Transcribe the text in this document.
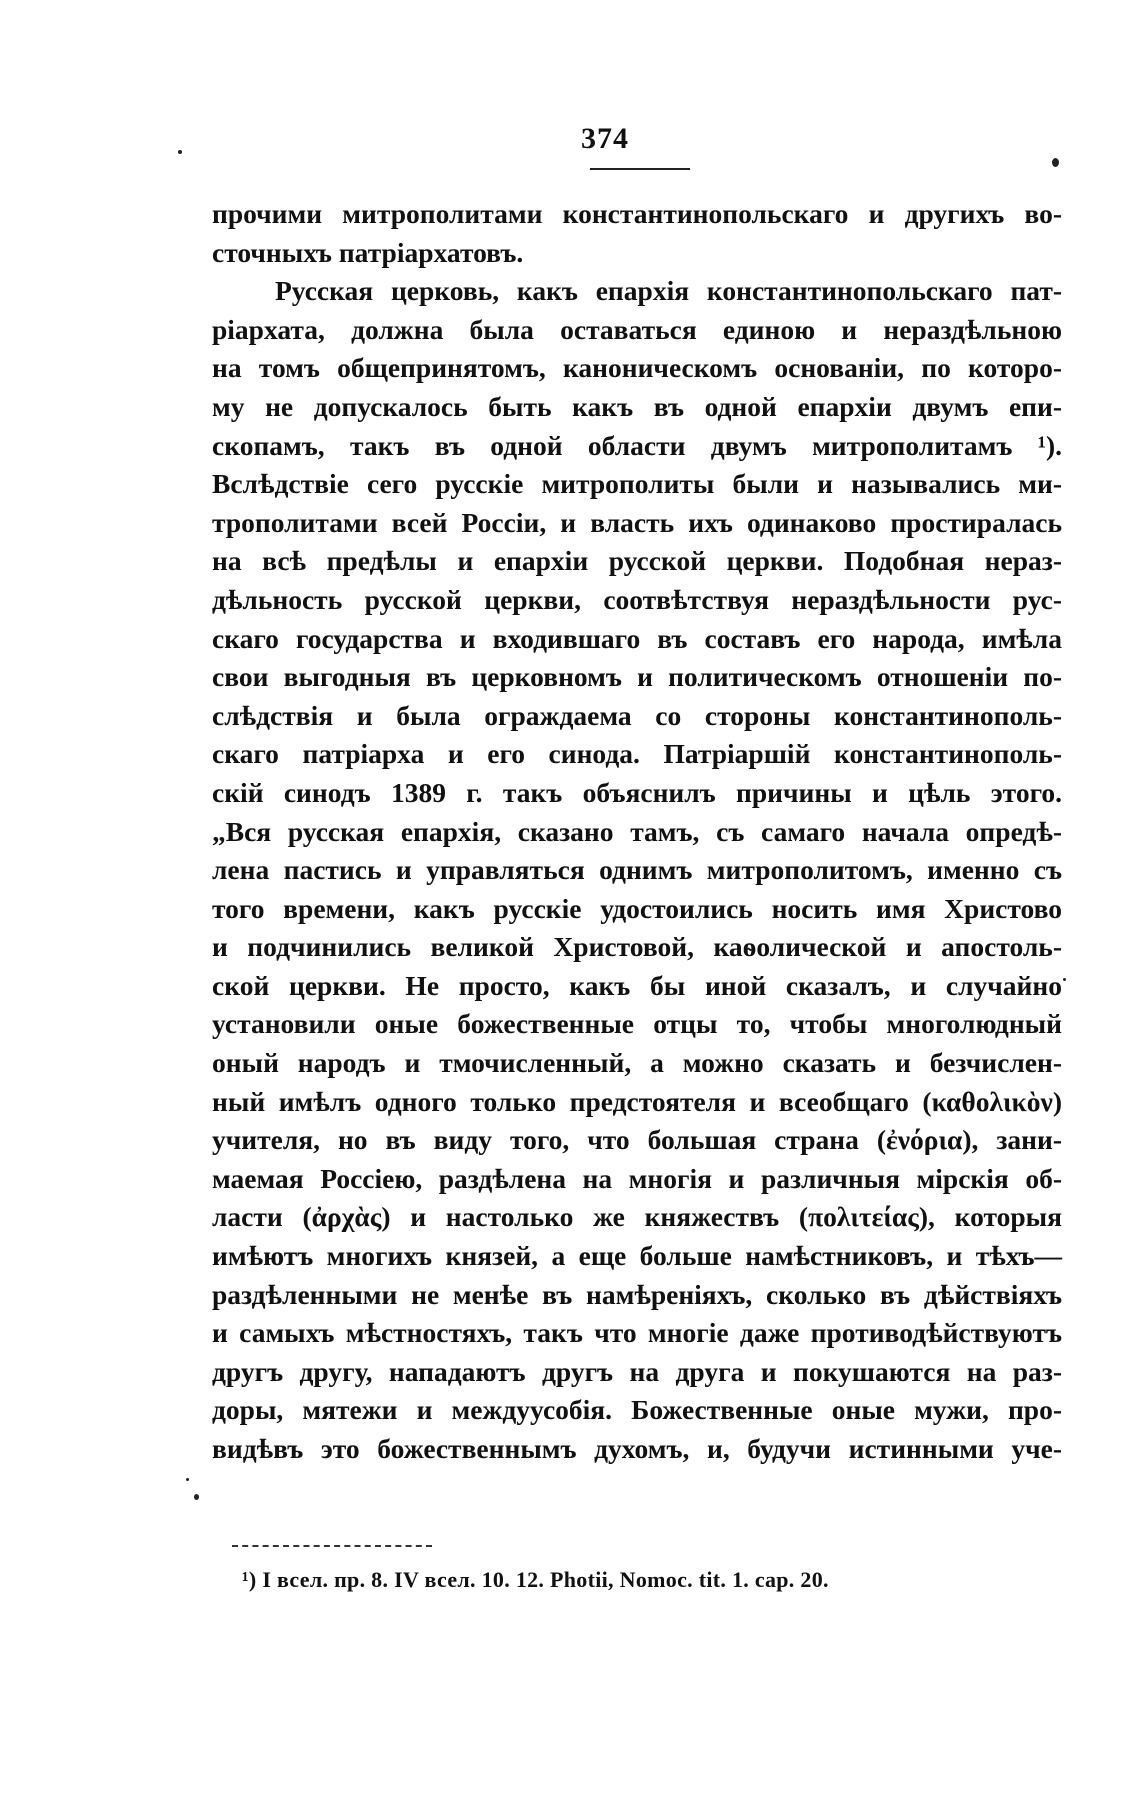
374
прочими митрополитами константинопольскаго и другихъ во-
сточныхъ патріархатовъ.
Русская церковь, какъ епархія константинопольскаго пат-
ріархата, должна была оставаться единою и нераздѣльною
на томъ общепринятомъ, каноническомъ основаніи, по которо-
му не допускалось быть какъ въ одной епархіи двумъ епи-
скопамъ, такъ въ одной области двумъ митрополитамъ ¹).
Вслѣдствіе сего русскіе митрополиты были и назывались ми-
трополитами всей Россіи, и власть ихъ одинаково простиралась
на всѣ предѣлы и епархіи русской церкви. Подобная нераз-
дѣльность русской церкви, соотвѣтствуя нераздѣльности рус-
скаго государства и входившаго въ составъ его народа, имѣла
свои выгодныя въ церковномъ и политическомъ отношеніи по-
слѣдствія и была ограждаема со стороны константинополь-
скаго патріарха и его синода. Патріаршій константинополь-
скій синодъ 1389 г. такъ объяснилъ причины и цѣль этого.
„Вся русская епархія, сказано тамъ, съ самаго начала опредѣ-
лена пастись и управляться однимъ митрополитомъ, именно съ
того времени, какъ русскіе удостоились носить имя Христово
и подчинились великой Христовой, каѳолической и апостоль-
ской церкви. Не просто, какъ бы иной сказалъ, и случайно
установили оные божественные отцы то, чтобы многолюдный
оный народъ и тмочисленный, а можно сказать и безчислен-
ный имѣлъ одного только предстоятеля и всеобщаго (καθολικὸν)
учителя, но въ виду того, что большая страна (ἐνόρια), зани-
маемая Россіею, раздѣлена на многія и различныя мірскія об-
ласти (ἀρχὰς) и настолько же княжествъ (πολιτείας), которыя
имѣютъ многихъ князей, а еще больше намѣстниковъ, и тѣхъ—
раздѣленными не менѣе въ намѣреніяхъ, сколько въ дѣйствіяхъ
и самыхъ мѣстностяхъ, такъ что многіе даже противодѣйствуютъ
другъ другу, нападаютъ другъ на друга и покушаются на раз-
доры, мятежи и междуусобія. Божественные оные мужи, про-
видѣвъ это божественнымъ духомъ, и, будучи истинными уче-
¹) I всел. пр. 8. IV всел. 10. 12. Photii, Nomoc. tit. 1. cap. 20.
